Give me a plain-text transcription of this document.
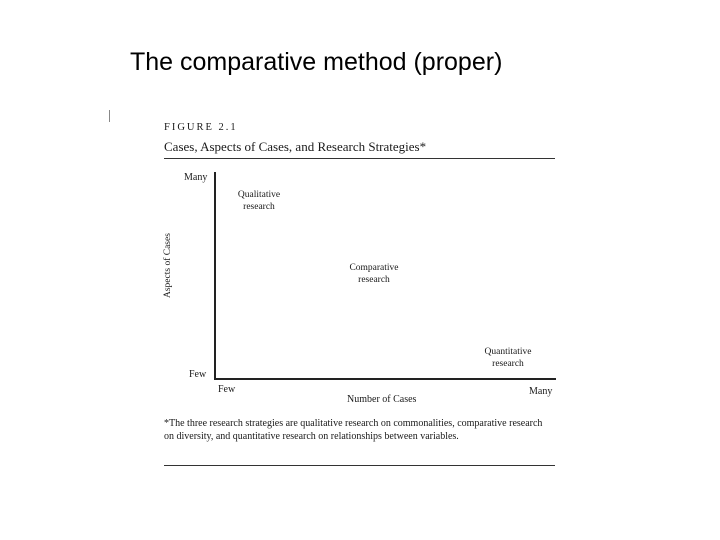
The comparative method (proper)
FIGURE 2.1
Cases, Aspects of Cases, and Research Strategies*
Many
Few
Aspects of Cases
Few	Many
Number of Cases
Qualitative research
Comparative research
Quantitative research
*The three research strategies are qualitative research on commonalities, comparative research on diversity, and quantitative research on relationships between variables.
